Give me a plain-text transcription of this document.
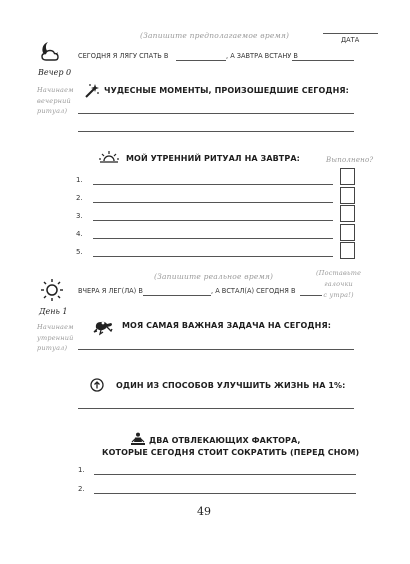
ДАТА
(Запишите предполагаемое время)
Вечер 0
Начинаем
вечерний
ритуал)
СЕГОДНЯ Я ЛЯГУ СПАТЬ В	, А ЗАВТРА ВСТАНУ В
ЧУДЕСНЫЕ МОМЕНТЫ, ПРОИЗОШЕДШИЕ СЕГОДНЯ:
МОЙ УТРЕННИЙ РИТУАЛ НА ЗАВТРА:	Выполнено?
1.
2.
3.
4.
5.
День 1
Начинаем
утренний
ритуал)
(Запишите реальное время)	(Поставьте
галочки
с утра!)
ВЧЕРА Я ЛЕГ(ЛА) В	, А ВСТАЛ(А) СЕГОДНЯ В
МОЯ САМАЯ ВАЖНАЯ ЗАДАЧА НА СЕГОДНЯ:
ОДИН ИЗ СПОСОБОВ УЛУЧШИТЬ ЖИЗНЬ НА 1%:
ДВА ОТВЛЕКАЮЩИХ ФАКТОРА,
КОТОРЫЕ СЕГОДНЯ СТОИТ СОКРАТИТЬ (ПЕРЕД СНОМ)
1.
2.
49
